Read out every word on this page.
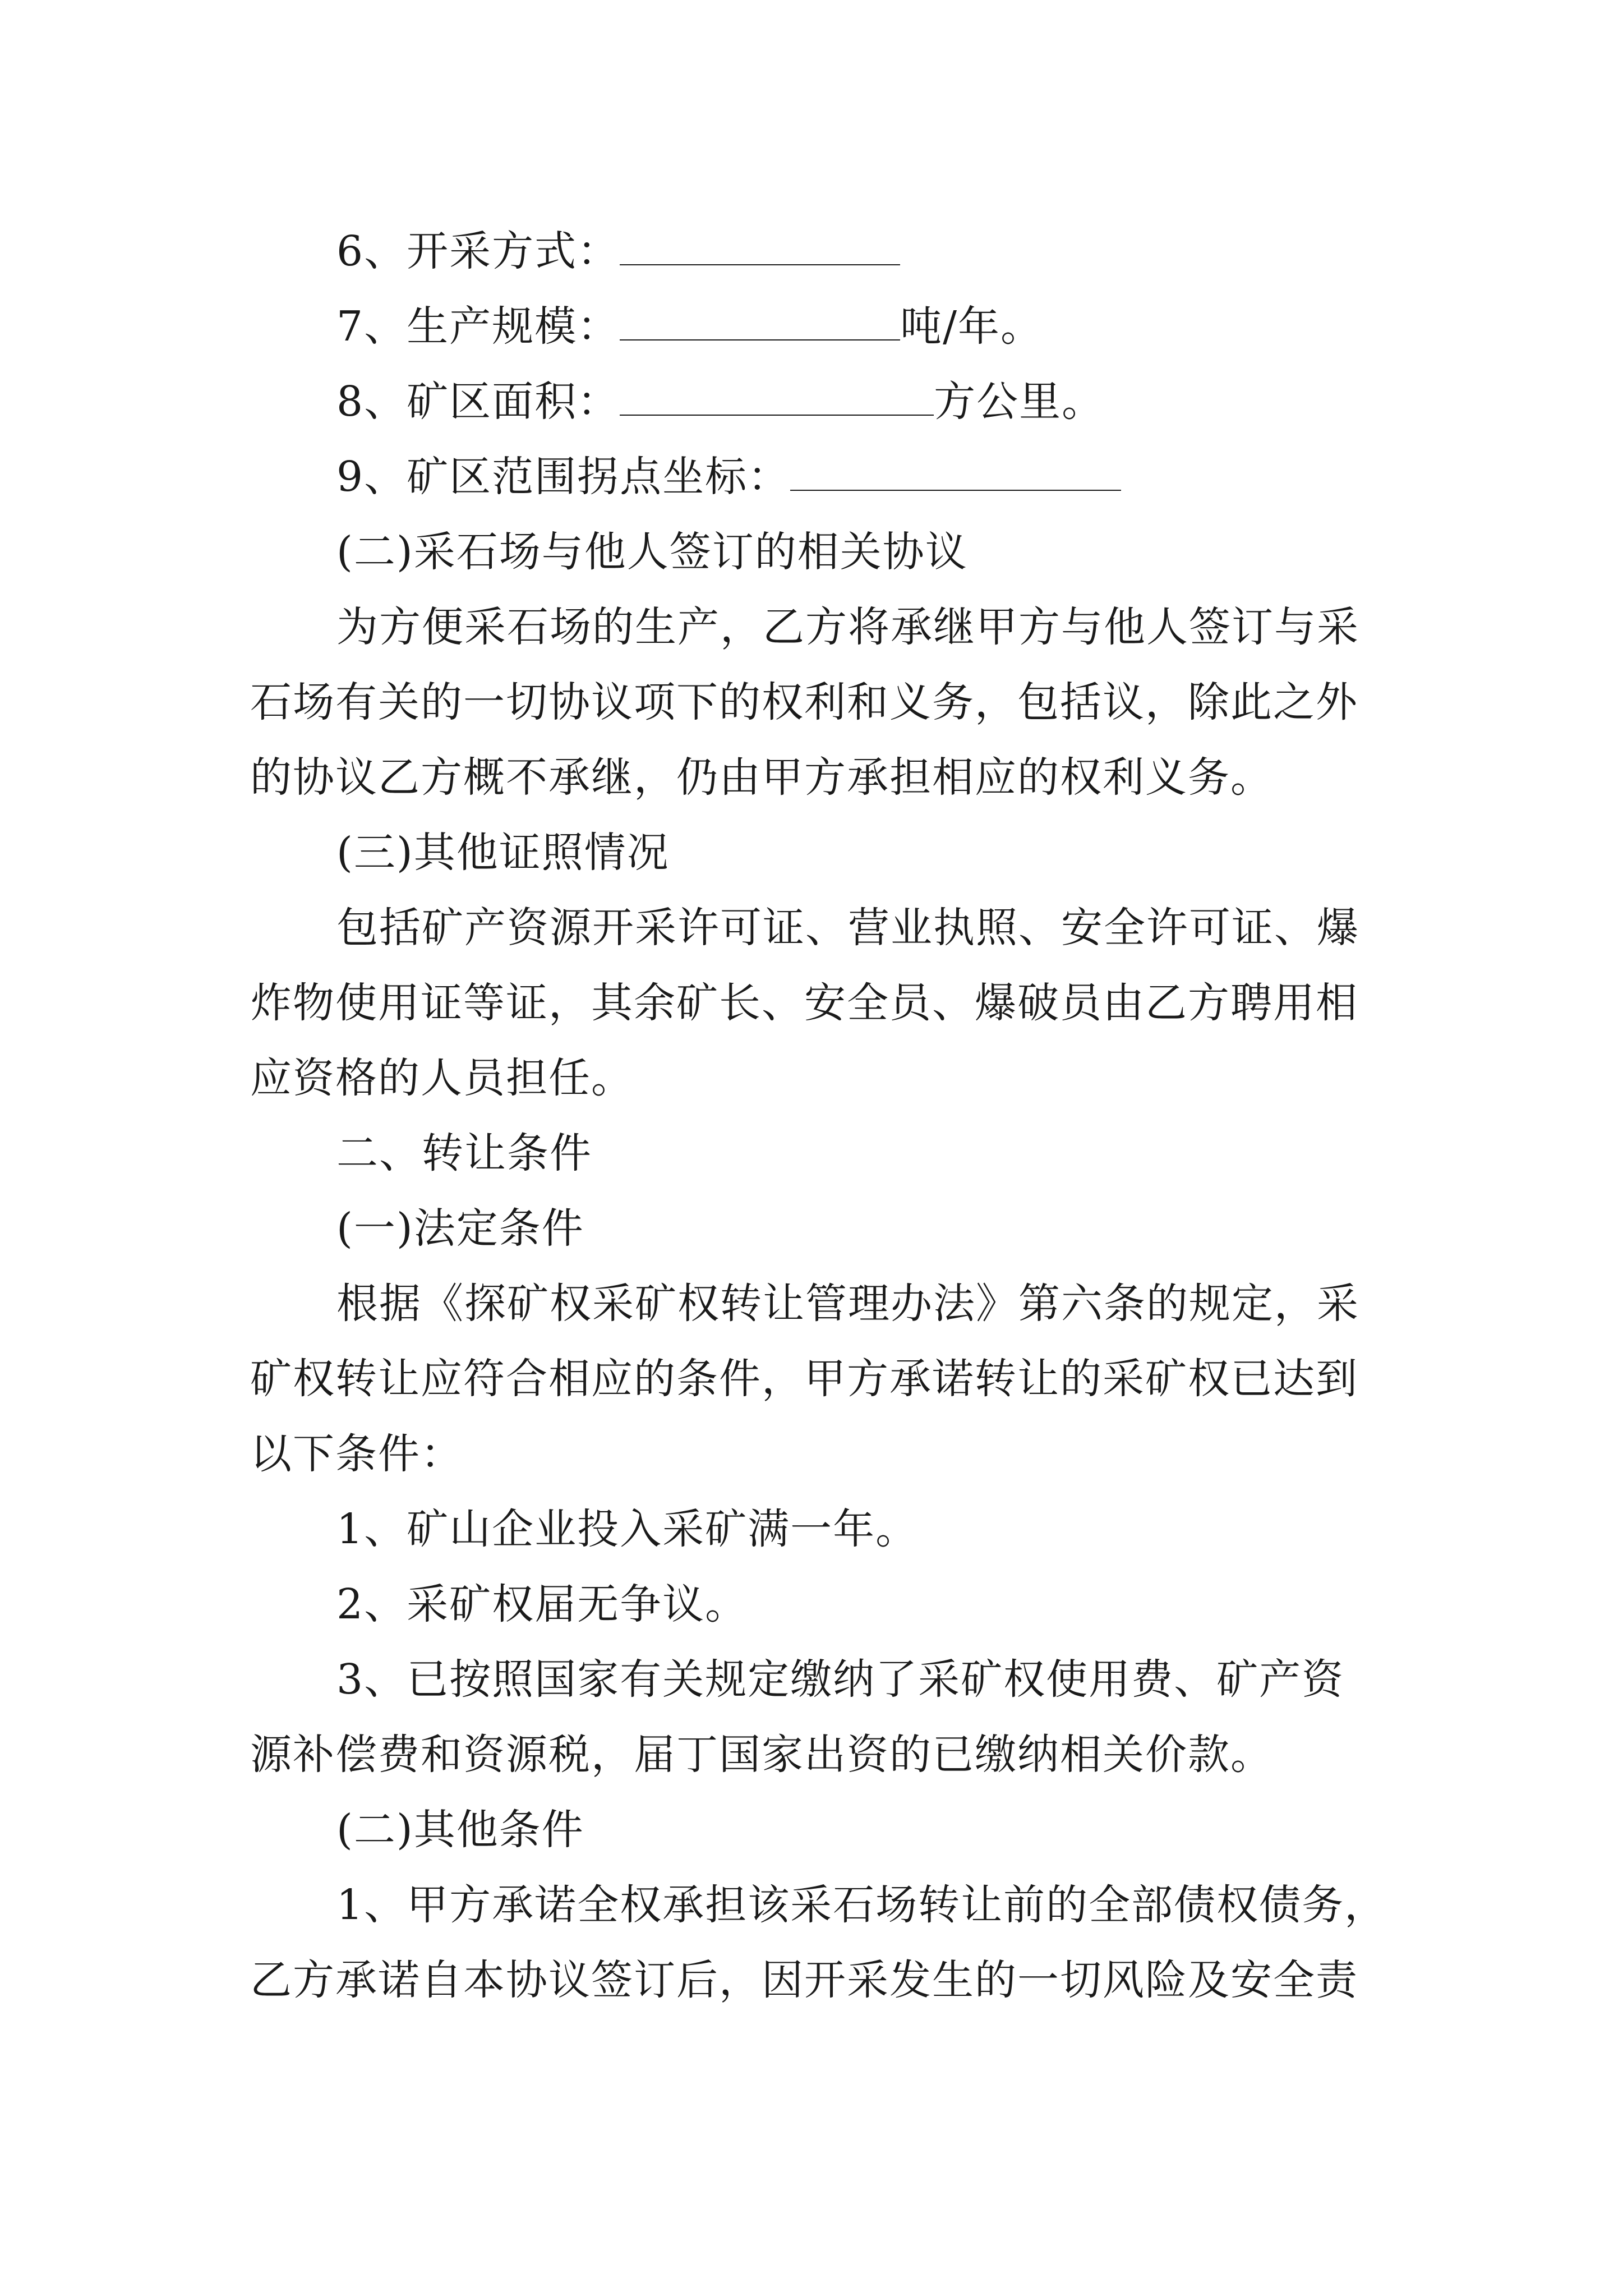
6、开采方式：
7、生产规模：	吨/年。
8、矿区面积：	方公里。
9、矿区范围拐点坐标：
(二)采石场与他人签订的相关协议
为方便采石场的生产，乙方将承继甲方与他人签订与采
石场有关的一切协议项下的权利和义务，包括议，除此之外
的协议乙方概不承继，仍由甲方承担相应的权利义务。
(三)其他证照情况
包括矿产资源开采许可证、营业执照、安全许可证、爆
炸物使用证等证，其余矿长、安全员、爆破员由乙方聘用相
应资格的人员担任。
二、转让条件
(一)法定条件
根据《探矿权采矿权转让管理办法》第六条的规定，采
矿权转让应符合相应的条件，甲方承诺转让的采矿权已达到
以下条件：
1、矿山企业投入采矿满一年。
2、采矿权届无争议。
3、已按照国家有关规定缴纳了采矿权使用费、矿产资
源补偿费和资源税，届丁国家出资的已缴纳相关价款。
(二)其他条件
1、甲方承诺全权承担该采石场转让前的全部债权债务，
乙方承诺自本协议签订后，因开采发生的一切风险及安全责
